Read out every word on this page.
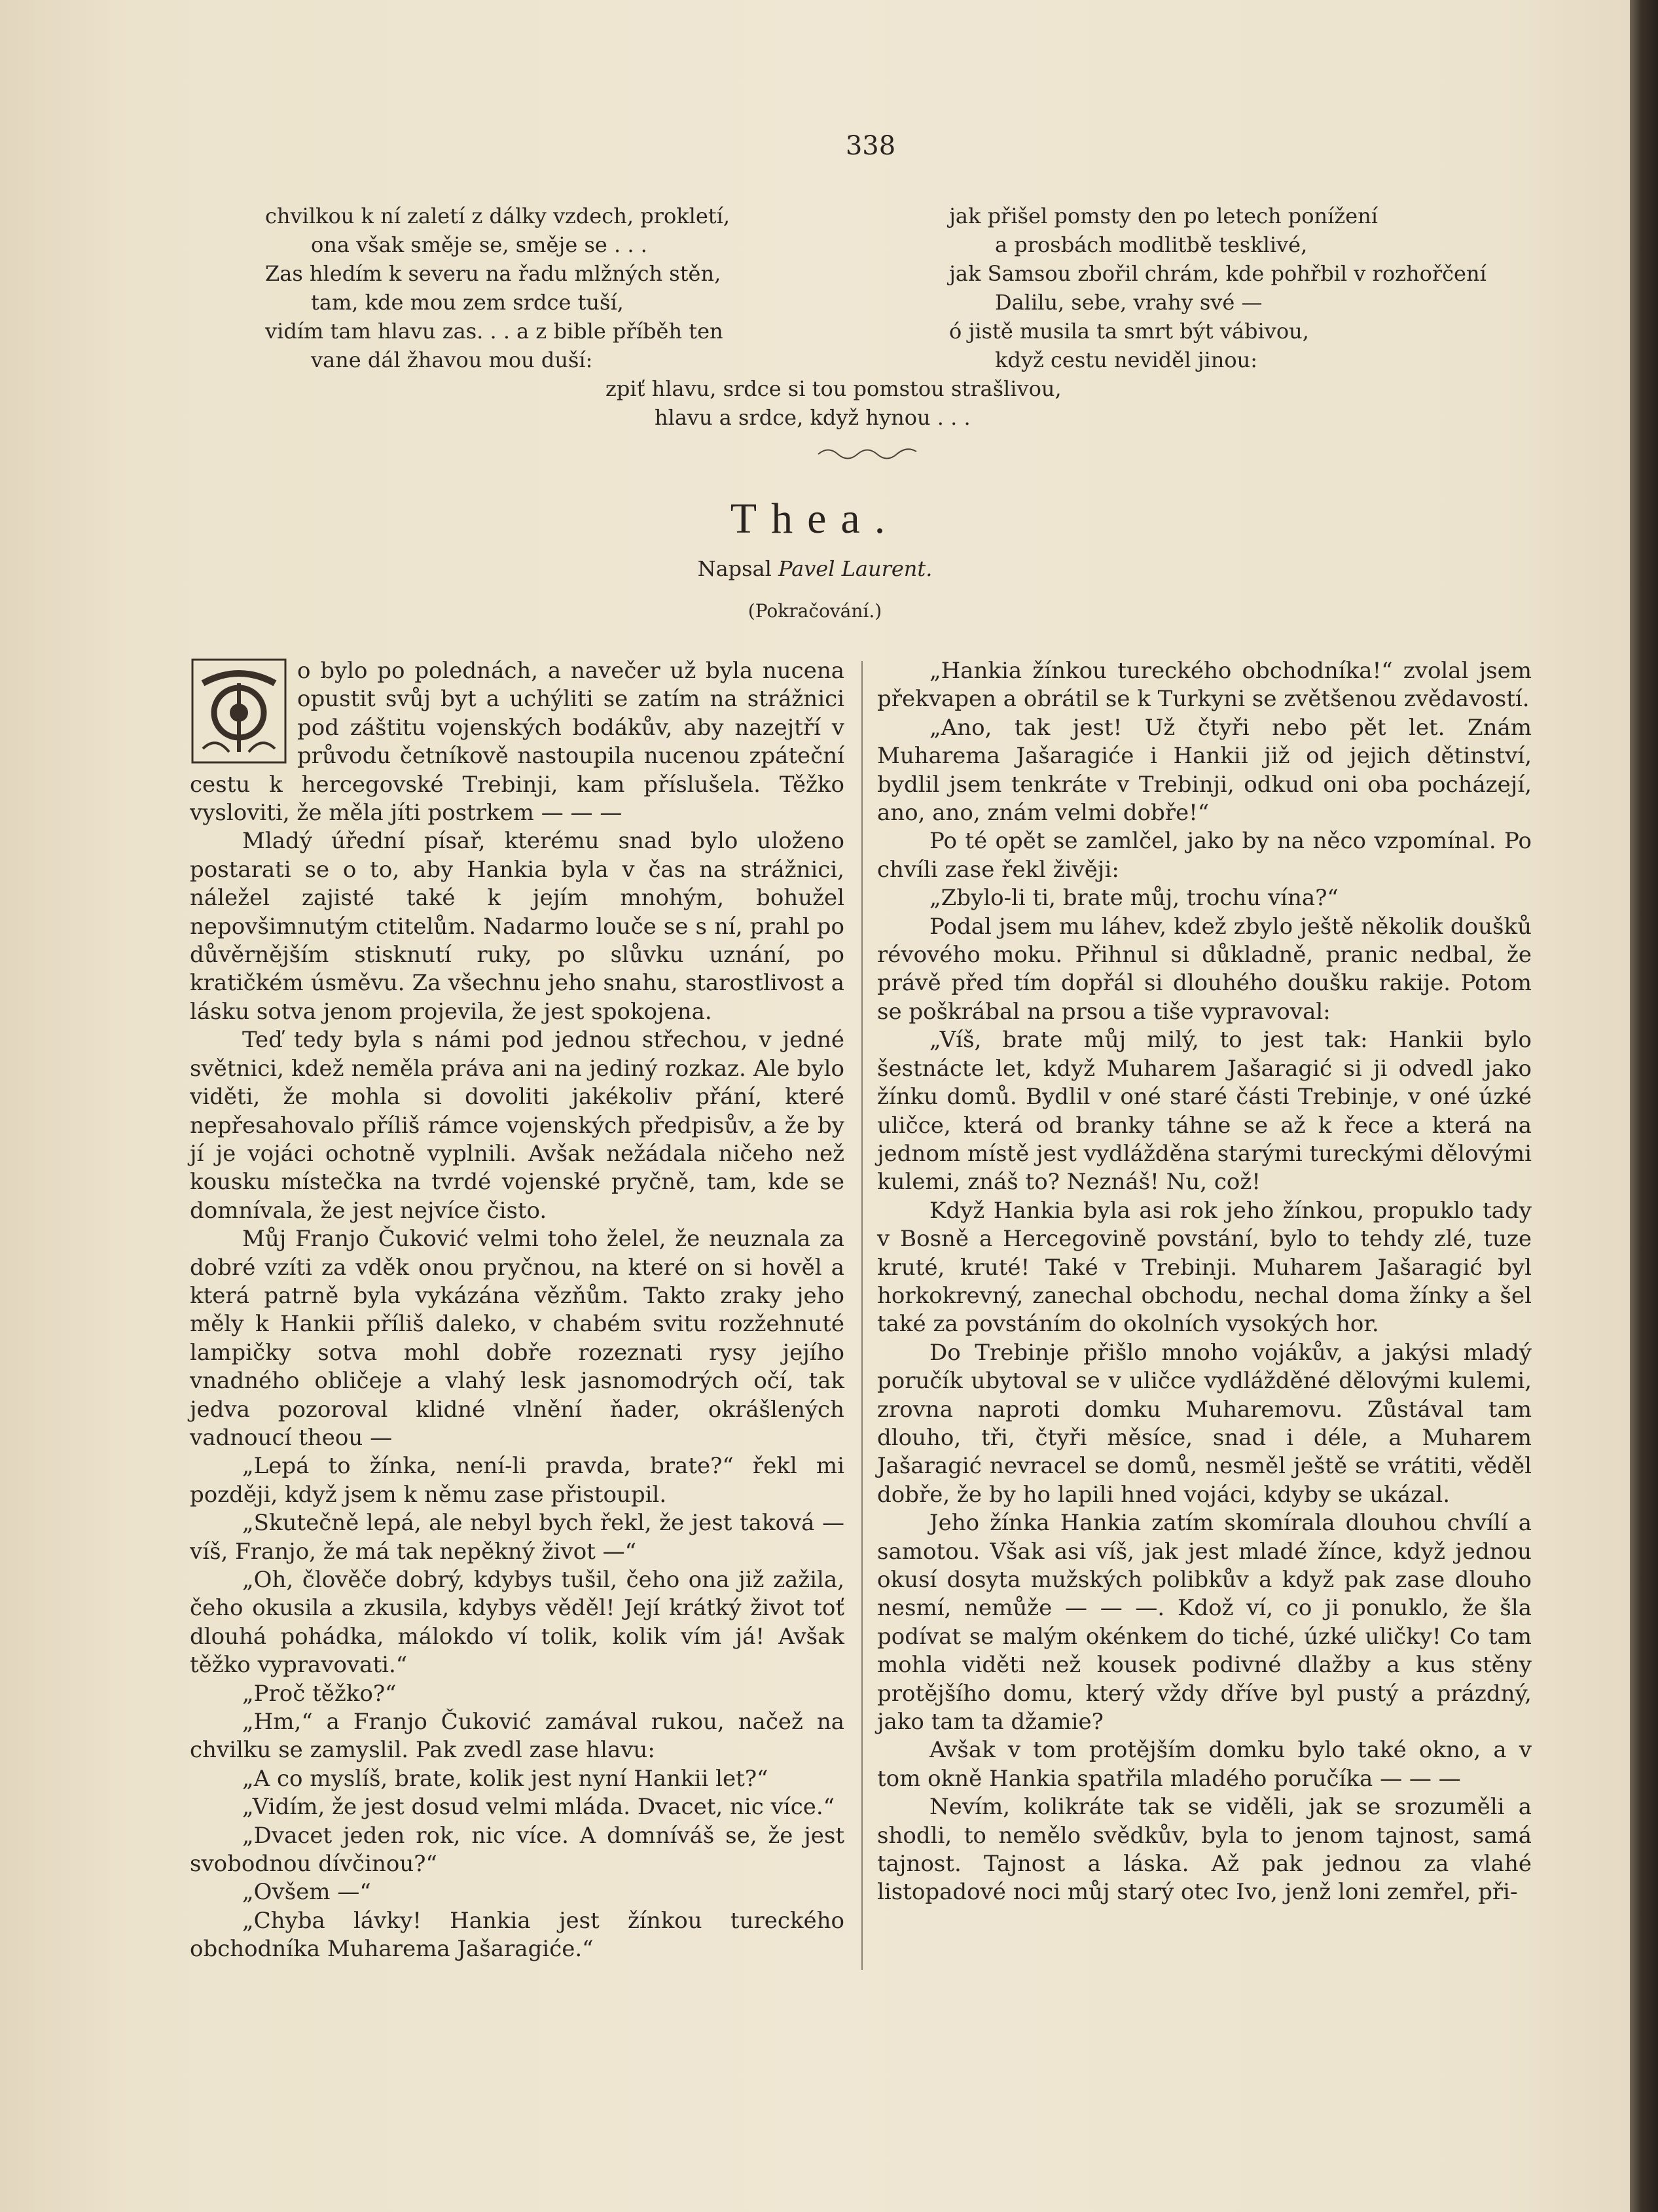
338
chvilkou k ní zaletí z dálky vzdech, prokletí,
ona však směje se, směje se . . .
Zas hledím k severu na řadu mlžných stěn,
tam, kde mou zem srdce tuší,
vidím tam hlavu zas. . . a z bible příběh ten
vane dál žhavou mou duší:
jak přišel pomsty den po letech ponížení
a prosbách modlitbě tesklivé,
jak Samsou zbořil chrám, kde pohřbil v rozhořčení
Dalilu, sebe, vrahy své —
ó jistě musila ta smrt být vábivou,
když cestu neviděl jinou:
zpiť hlavu, srdce si tou pomstou strašlivou,
hlavu a srdce, když hynou . . .
Thea.
Napsal Pavel Laurent.
(Pokračování.)

o bylo po polednách, a navečer už byla nucena opustit svůj byt a uchýliti se zatím na strážnici pod záštitu vojenských bodákův, aby nazejtří v průvodu četníkově nastoupila nucenou zpáteční cestu k hercegovské Trebinji, kam příslušela. Těžko vysloviti, že měla jíti postrkem — — —

Mladý úřední písař, kterému snad bylo uloženo postarati se o to, aby Hankia byla v čas na strážnici, náležel zajisté také k jejím mnohým, bohužel nepovšimnutým ctitelům. Nadarmo louče se s ní, prahl po důvěrnějším stisknutí ruky, po slůvku uznání, po kratičkém úsměvu. Za všechnu jeho snahu, starostlivost a lásku sotva jenom projevila, že jest spokojena.

Teď tedy byla s námi pod jednou střechou, v jedné světnici, kdež neměla práva ani na jediný rozkaz. Ale bylo viděti, že mohla si dovoliti jakékoliv přání, které nepřesahovalo příliš rámce vojenských předpisův, a že by jí je vojáci ochotně vyplnili. Avšak nežádala ničeho než kousku místečka na tvrdé vojenské pryčně, tam, kde se domnívala, že jest nejvíce čisto.

Můj Franjo Čuković velmi toho želel, že neuznala za dobré vzíti za vděk onou pryčnou, na které on si hověl a která patrně byla vykázána vězňům. Takto zraky jeho měly k Hankii příliš daleko, v chabém svitu rozžehnuté lampičky sotva mohl dobře rozeznati rysy jejího vnadného obličeje a vlahý lesk jasnomodrých očí, tak jedva pozoroval klidné vlnění ňader, okrášlených vadnoucí theou —

„Lepá to žínka, není-li pravda, brate?“ řekl mi později, když jsem k němu zase přistoupil.

„Skutečně lepá, ale nebyl bych řekl, že jest taková — víš, Franjo, že má tak nepěkný život —“

„Oh, člověče dobrý, kdybys tušil, čeho ona již zažila, čeho okusila a zkusila, kdybys věděl! Její krátký život toť dlouhá pohádka, málokdo ví tolik, kolik vím já! Avšak těžko vypravovati.“

„Proč těžko?“

„Hm,“ a Franjo Čuković zamával rukou, načež na chvilku se zamyslil. Pak zvedl zase hlavu:

„A co myslíš, brate, kolik jest nyní Hankii let?“

„Vidím, že jest dosud velmi mláda. Dvacet, nic více.“

„Dvacet jeden rok, nic více. A domníváš se, že jest svobodnou dívčinou?“

„Ovšem —“

„Chyba lávky! Hankia jest žínkou tureckého obchodníka Muharema Jašaragiće.“

„Hankia žínkou tureckého obchodníka!“ zvolal jsem překvapen a obrátil se k Turkyni se zvětšenou zvědavostí.

„Ano, tak jest! Už čtyři nebo pět let. Znám Muharema Jašaragiće i Hankii již od jejich dětinství, bydlil jsem tenkráte v Trebinji, odkud oni oba pocházejí, ano, ano, znám velmi dobře!“

Po té opět se zamlčel, jako by na něco vzpomínal. Po chvíli zase řekl živěji:

„Zbylo-li ti, brate můj, trochu vína?“

Podal jsem mu láhev, kdež zbylo ještě několik doušků révového moku. Přihnul si důkladně, pranic nedbal, že právě před tím dopřál si dlouhého doušku rakije. Potom se poškrábal na prsou a tiše vypravoval:

„Víš, brate můj milý, to jest tak: Hankii bylo šestnácte let, když Muharem Jašaragić si ji odvedl jako žínku domů. Bydlil v oné staré části Trebinje, v oné úzké uličce, která od branky táhne se až k řece a která na jednom místě jest vydlážděna starými tureckými dělovými kulemi, znáš to? Neznáš! Nu, což!

Když Hankia byla asi rok jeho žínkou, propuklo tady v Bosně a Hercegovině povstání, bylo to tehdy zlé, tuze kruté, kruté! Také v Trebinji. Muharem Jašaragić byl horkokrevný, zanechal obchodu, nechal doma žínky a šel také za povstáním do okolních vysokých hor.

Do Trebinje přišlo mnoho vojákův, a jakýsi mladý poručík ubytoval se v uličce vydlážděné dělovými kulemi, zrovna naproti domku Muharemovu. Zůstával tam dlouho, tři, čtyři měsíce, snad i déle, a Muharem Jašaragić nevracel se domů, nesměl ještě se vrátiti, věděl dobře, že by ho lapili hned vojáci, kdyby se ukázal.

Jeho žínka Hankia zatím skomírala dlouhou chvílí a samotou. Však asi víš, jak jest mladé žínce, když jednou okusí dosyta mužských polibkův a když pak zase dlouho nesmí, nemůže — — —. Kdož ví, co ji ponuklo, že šla podívat se malým okénkem do tiché, úzké uličky! Co tam mohla viděti než kousek podivné dlažby a kus stěny protějšího domu, který vždy dříve byl pustý a prázdný, jako tam ta džamie?

Avšak v tom protějším domku bylo také okno, a v tom okně Hankia spatřila mladého poručíka — — —

Nevím, kolikráte tak se viděli, jak se srozuměli a shodli, to nemělo svědkův, byla to jenom tajnost, samá tajnost. Tajnost a láska. Až pak jednou za vlahé listopadové noci můj starý otec Ivo, jenž loni zemřel, při-
